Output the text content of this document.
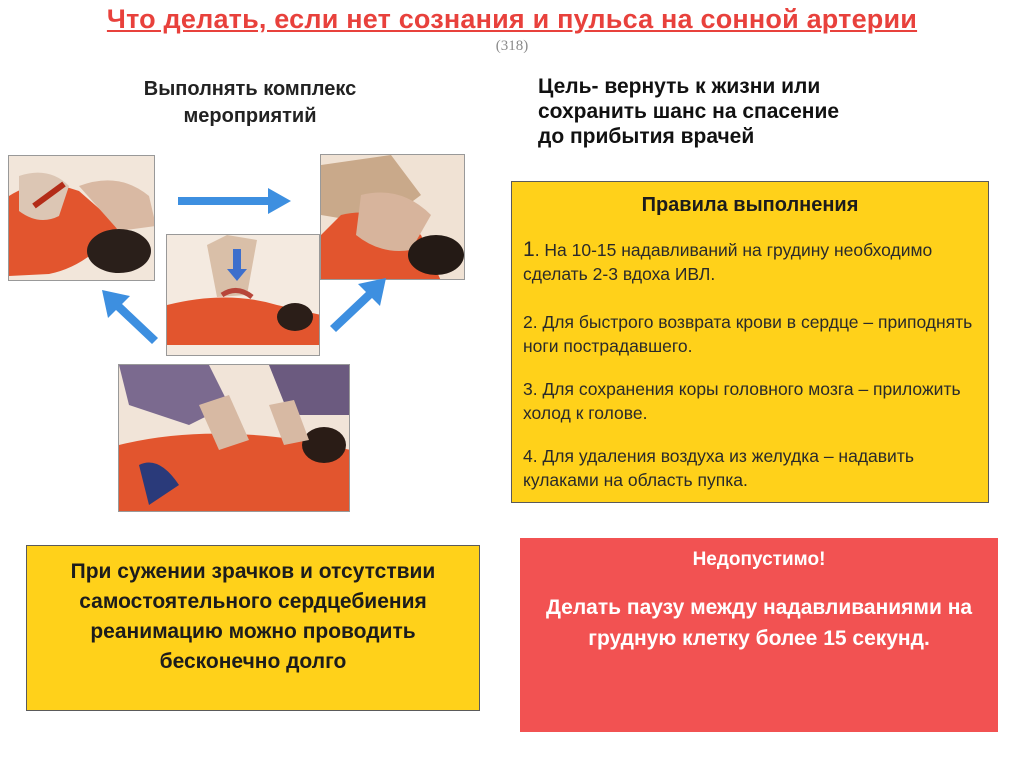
Что делать, если нет сознания и пульса на сонной артерии
(318)
Выполнять комплекс мероприятий
Цель- вернуть к жизни или
сохранить шанс на спасение
до прибытия врачей
Правила выполнения
1. На 10-15 надавливаний на грудину необходимо сделать 2-3 вдоха ИВЛ.
2. Для быстрого возврата крови в сердце – приподнять ноги пострадавшего.
3. Для сохранения коры головного мозга – приложить холод к голове.
4. Для удаления воздуха из желудка – надавить кулаками на область пупка.
При сужении зрачков и отсутствии самостоятельного сердцебиения реанимацию можно проводить бесконечно долго
Недопустимо!
Делать паузу между надавливаниями на грудную клетку более 15 секунд.
